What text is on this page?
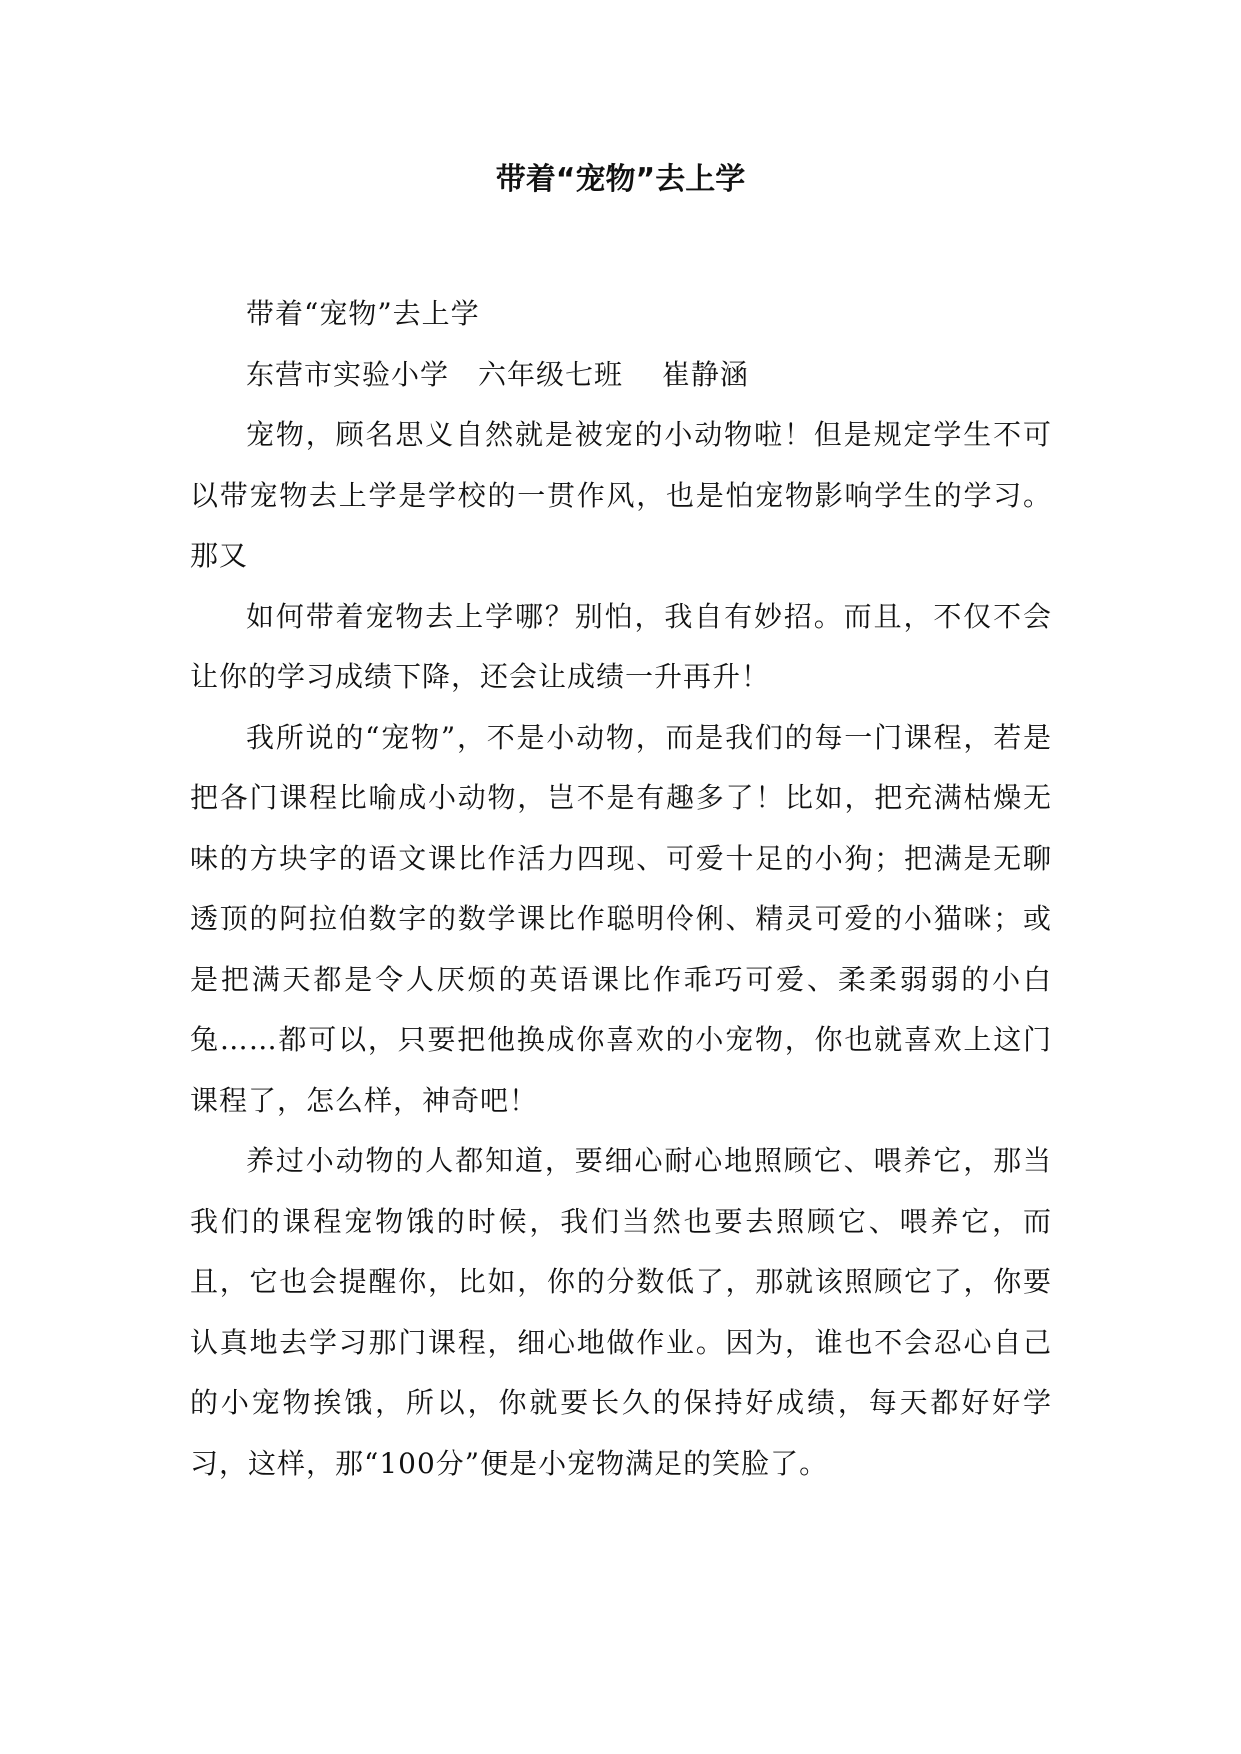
带着“宠物”去上学

带着“宠物”去上学

东营市实验小学　六年级七班　 崔静涵

宠物，顾名思义自然就是被宠的小动物啦！但是规定学生不可以带宠物去上学是学校的一贯作风，也是怕宠物影响学生的学习。那又

如何带着宠物去上学哪？别怕，我自有妙招。而且，不仅不会让你的学习成绩下降，还会让成绩一升再升！

我所说的“宠物”，不是小动物，而是我们的每一门课程，若是把各门课程比喻成小动物，岂不是有趣多了！比如，把充满枯燥无味的方块字的语文课比作活力四现、可爱十足的小狗；把满是无聊透顶的阿拉伯数字的数学课比作聪明伶俐、精灵可爱的小猫咪；或是把满天都是令人厌烦的英语课比作乖巧可爱、柔柔弱弱的小白兔……都可以，只要把他换成你喜欢的小宠物，你也就喜欢上这门课程了，怎么样，神奇吧！

养过小动物的人都知道，要细心耐心地照顾它、喂养它，那当我们的课程宠物饿的时候，我们当然也要去照顾它、喂养它，而且，它也会提醒你，比如，你的分数低了，那就该照顾它了，你要认真地去学习那门课程，细心地做作业。因为，谁也不会忍心自己的小宠物挨饿，所以，你就要长久的保持好成绩，每天都好好学习，这样，那“100分”便是小宠物满足的笑脸了。
